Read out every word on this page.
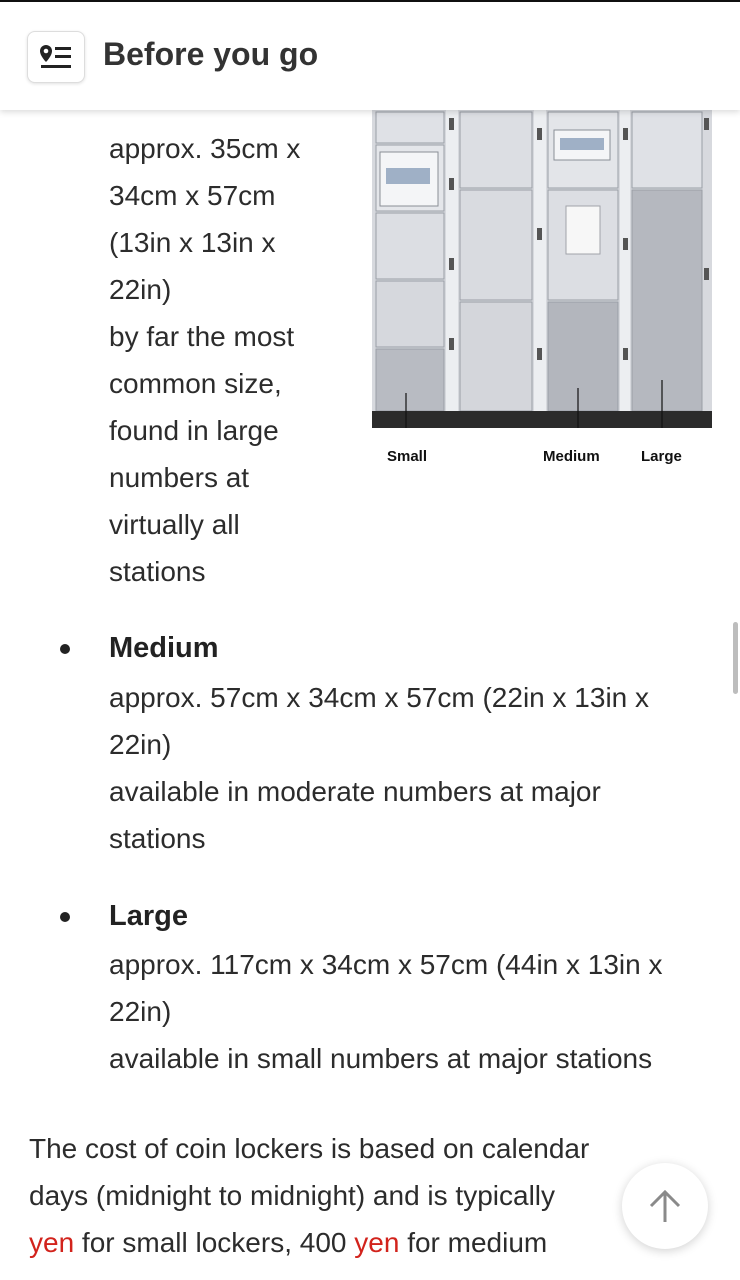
Before you go
approx. 35cm x
34cm x 57cm
(13in x 13in x
22in)
by far the most
common size,
found in large
numbers at
virtually all
stations
Small	Medium	Large
Medium
approx. 57cm x 34cm x 57cm (22in x 13in x
22in)
available in moderate numbers at major
stations
Large
approx. 117cm x 34cm x 57cm (44in x 13in x
22in)
available in small numbers at major stations
The cost of coin lockers is based on calendar
days (midnight to midnight) and is typically
yen for small lockers, 400 yen for medium
